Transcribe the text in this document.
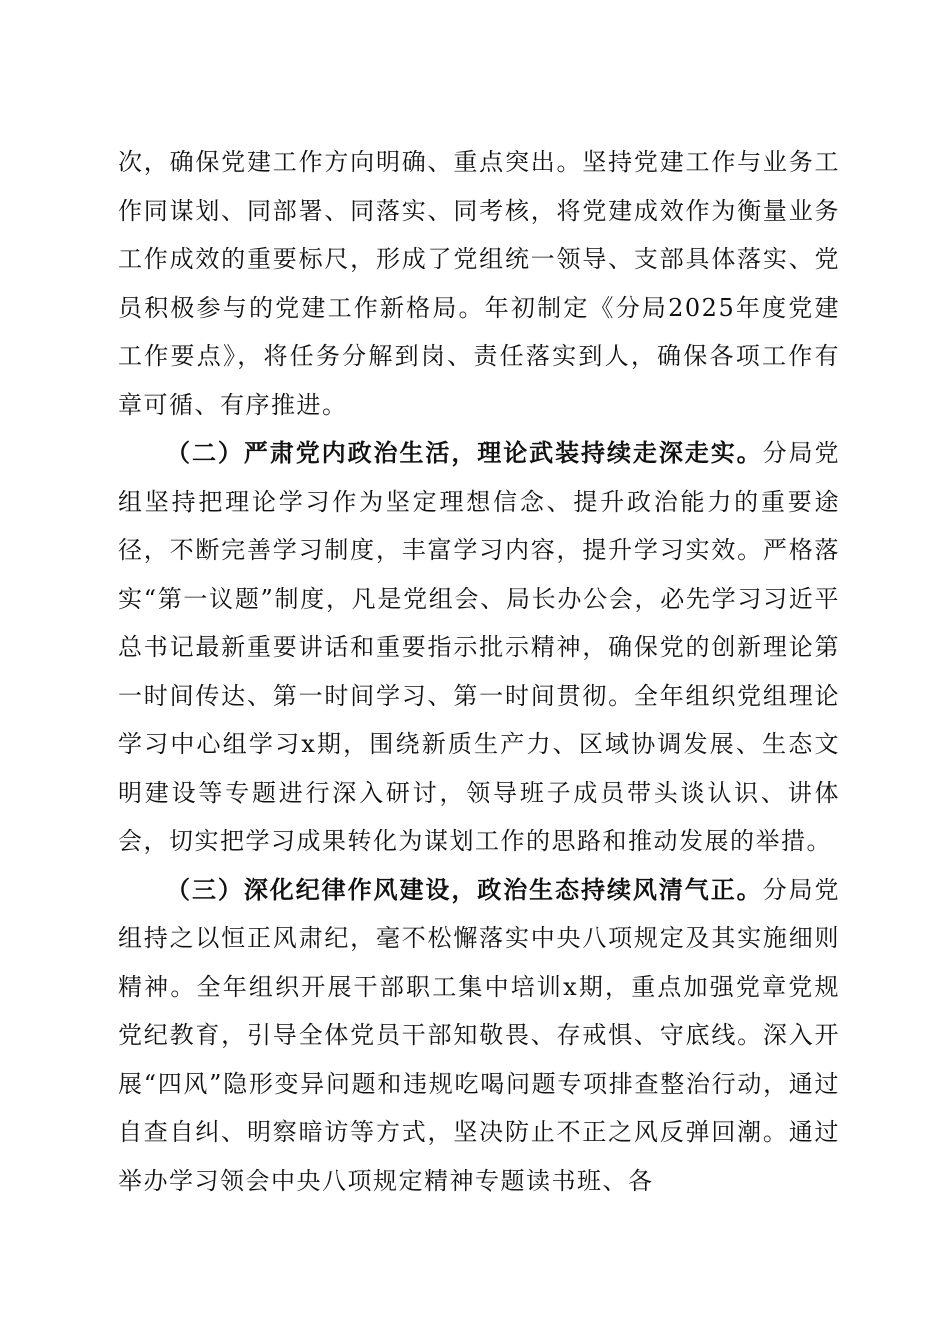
次，确保党建工作方向明确、重点突出。坚持党建工作与业务工作同谋划、同部署、同落实、同考核，将党建成效作为衡量业务工作成效的重要标尺，形成了党组统一领导、支部具体落实、党员积极参与的党建工作新格局。年初制定《分局2025年度党建工作要点》，将任务分解到岗、责任落实到人，确保各项工作有章可循、有序推进。

（二）严肃党内政治生活，理论武装持续走深走实。分局党组坚持把理论学习作为坚定理想信念、提升政治能力的重要途径，不断完善学习制度，丰富学习内容，提升学习实效。严格落实“第一议题”制度，凡是党组会、局长办公会，必先学习习近平总书记最新重要讲话和重要指示批示精神，确保党的创新理论第一时间传达、第一时间学习、第一时间贯彻。全年组织党组理论学习中心组学习x期，围绕新质生产力、区域协调发展、生态文明建设等专题进行深入研讨，领导班子成员带头谈认识、讲体会，切实把学习成果转化为谋划工作的思路和推动发展的举措。

（三）深化纪律作风建设，政治生态持续风清气正。分局党组持之以恒正风肃纪，毫不松懈落实中央八项规定及其实施细则精神。全年组织开展干部职工集中培训x期，重点加强党章党规党纪教育，引导全体党员干部知敬畏、存戒惧、守底线。深入开展“四风”隐形变异问题和违规吃喝问题专项排查整治行动，通过自查自纠、明察暗访等方式，坚决防止不正之风反弹回潮。通过举办学习领会中央八项规定精神专题读书班、各
